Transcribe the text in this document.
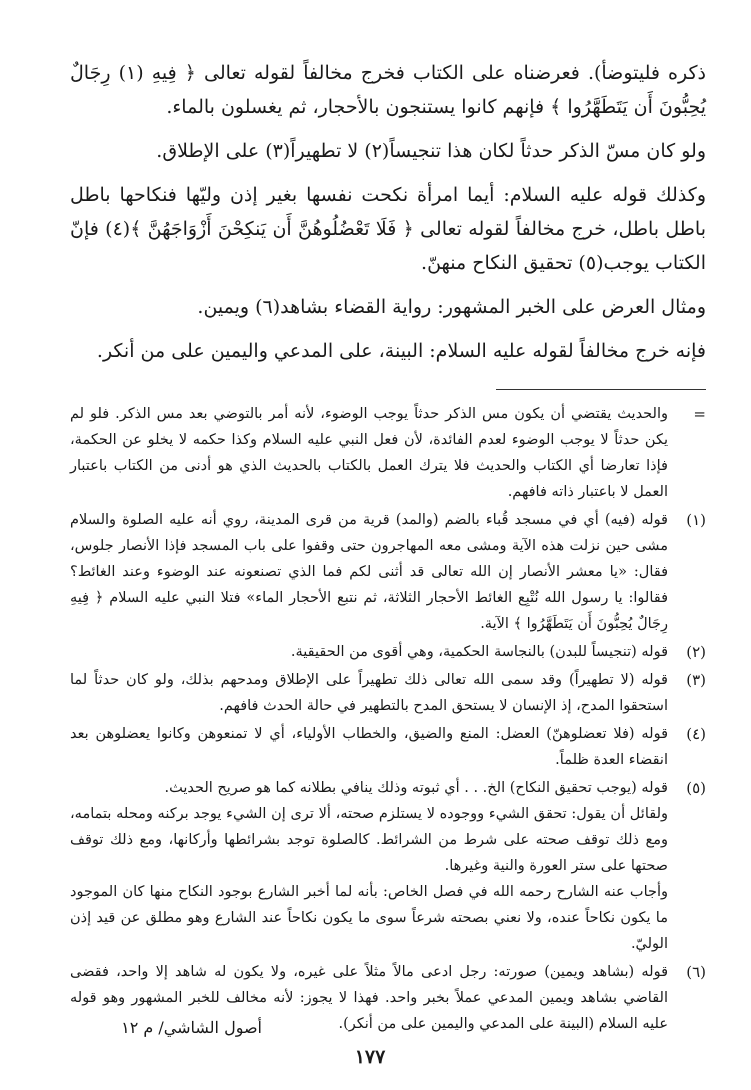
ذكره فليتوضأ). فعرضناه على الكتاب فخرج مخالفاً لقوله تعالى ﴿ فِيهِ (١) رِجَالٌ يُحِبُّونَ أَن يَتَطَهَّرُوا ﴾ فإنهم كانوا يستنجون بالأحجار، ثم يغسلون بالماء.

ولو كان مسّ الذكر حدثاً لكان هذا تنجيساً(٢) لا تطهيراً(٣) على الإطلاق.

وكذلك قوله عليه السلام: أيما امرأة نكحت نفسها بغير إذن وليّها فنكاحها باطل باطل باطل، خرج مخالفاً لقوله تعالى ﴿ فَلَا تَعْضُلُوهُنَّ أَن يَنكِحْنَ أَزْوَاجَهُنَّ ﴾(٤) فإنّ الكتاب يوجب(٥) تحقيق النكاح منهنّ.

ومثال العرض على الخبر المشهور: رواية القضاء بشاهد(٦) ويمين.

فإنه خرج مخالفاً لقوله عليه السلام: البينة، على المدعي واليمين على من أنكر.

=
والحديث يقتضي أن يكون مس الذكر حدثاً يوجب الوضوء، لأنه أمر بالتوضي بعد مس الذكر. فلو لم يكن حدثاً لا يوجب الوضوء لعدم الفائدة، لأن فعل النبي عليه السلام وكذا حكمه لا يخلو عن الحكمة، فإذا تعارضا أي الكتاب والحديث فلا يترك العمل بالكتاب بالحديث الذي هو أدنى من الكتاب باعتبار العمل لا باعتبار ذاته فافهم.
(١)
قوله (فيه) أي في مسجد قُباء بالضم (والمد) قرية من قرى المدينة، روي أنه عليه الصلوة والسلام مشى حين نزلت هذه الآية ومشى معه المهاجرون حتى وقفوا على باب المسجد فإذا الأنصار جلوس، فقال: «يا معشر الأنصار إن الله تعالى قد أثنى لكم فما الذي تصنعونه عند الوضوء وعند الغائط؟ فقالوا: يا رسول الله نُتْبِع الغائط الأحجار الثلاثة، ثم نتبع الأحجار الماء» فتلا النبي عليه السلام ﴿ فِيهِ رِجَالٌ يُحِبُّونَ أَن يَتَطَهَّرُوا ﴾ الآية.
(٢)
قوله (تنجيساً للبدن) بالنجاسة الحكمية، وهي أقوى من الحقيقية.
(٣)
قوله (لا تطهيراً) وقد سمى الله تعالى ذلك تطهيراً على الإطلاق ومدحهم بذلك، ولو كان حدثاً لما استحقوا المدح، إذ الإنسان لا يستحق المدح بالتطهير في حالة الحدث فافهم.
(٤)
قوله (فلا تعضلوهنّ) العضل: المنع والضيق، والخطاب الأولياء، أي لا تمنعوهن وكانوا يعضلوهن بعد انقضاء العدة ظلماً.
(٥)

قوله (يوجب تحقيق النكاح) الخ. . . أي ثبوته وذلك ينافي بطلانه كما هو صريح الحديث.

ولقائل أن يقول: تحقق الشيء ووجوده لا يستلزم صحته، ألا ترى إن الشيء يوجد بركنه ومحله بتمامه، ومع ذلك توقف صحته على شرط من الشرائط. كالصلوة توجد بشرائطها وأركانها، ومع ذلك توقف صحتها على ستر العورة والنية وغيرها.

وأجاب عنه الشارح رحمه الله في فصل الخاص: بأنه لما أخبر الشارع بوجود النكاح منها كان الموجود ما يكون نكاحاً عنده، ولا نعني بصحته شرعاً سوى ما يكون نكاحاً عند الشارع وهو مطلق عن قيد إذن الوليّ.

(٦)
قوله (بشاهد ويمين) صورته: رجل ادعى مالاً مثلاً على غيره، ولا يكون له شاهد إلا واحد، فقضى القاضي بشاهد ويمين المدعي عملاً بخبر واحد. فهذا لا يجوز: لأنه مخالف للخبر المشهور وهو قوله عليه السلام (البينة على المدعي واليمين على من أنكر).
أصول الشاشي/ م ١٢
١٧٧
